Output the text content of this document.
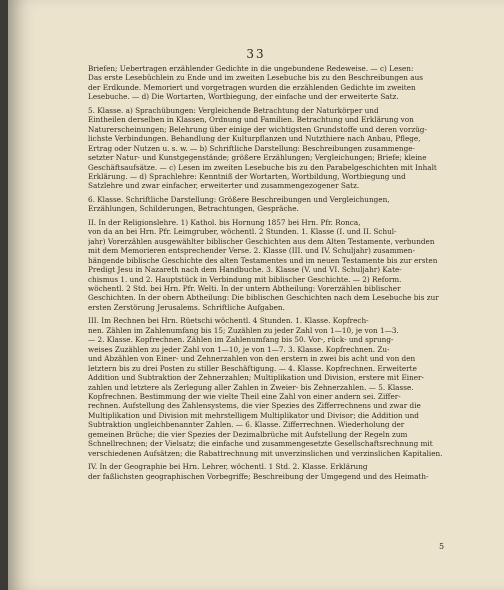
33
Briefen; Uebertragen erzählender Gedichte in die ungebundene Redeweise. — c) Lesen:
Das erste Lesebüchlein zu Ende und im zweiten Lesebuche bis zu den Beschreibungen aus
der Erdkunde. Memoriert und vorgetragen wurden die erzählenden Gedichte im zweiten
Lesebuche. — d) Die Wortarten, Wortbiegung, der einfache und der erweiterte Satz.
5. Klasse. a) Sprachübungen: Vergleichende Betrachtung der Naturkörper und
Eintheilen derselben in Klassen, Ordnung und Familien. Betrachtung und Erklärung von
Naturerscheinungen; Belehrung über einige der wichtigsten Grundstoffe und deren vorzüg-
lichste Verbindungen. Behandlung der Kulturpflanzen und Nutzthiere nach Anbau, Pflege,
Ertrag oder Nutzen u. s. w. — b) Schriftliche Darstellung: Beschreibungen zusammenge-
setzter Natur- und Kunstgegenstände; größere Erzählungen; Vergleichungen; Briefe; kleine
Geschäftsaufsätze. — c) Lesen im zweiten Lesebuche bis zu den Parabelgeschichten mit Inhalt
Erklärung. — d) Sprachlehre: Kenntniß der Wortarten, Wortbildung, Wortbiegung und
Satzlehre und zwar einfacher, erweiterter und zusammengezogener Satz.
6. Klasse. Schriftliche Darstellung: Größere Beschreibungen und Vergleichungen,
Erzählungen, Schilderungen, Betrachtungen, Gespräche.
II. In der Religionslehre. 1) Kathol. bis Hornung 1857 bei Hrn. Pfr. Ronca,
von da an bei Hrn. Pfr. Leimgruber, wöchentl. 2 Stunden. 1. Klasse (I. und II. Schul-
jahr) Vorerzählen ausgewählter biblischer Geschichten aus dem Alten Testamente, verbunden
mit dem Memorieren entsprechender Verse. 2. Klasse (III. und IV. Schuljahr) zusammen-
hängende biblische Geschichte des alten Testamentes und im neuen Testamente bis zur ersten
Predigt Jesu in Nazareth nach dem Handbuche. 3. Klasse (V. und VI. Schuljahr) Kate-
chismus 1. und 2. Hauptstück in Verbindung mit biblischer Geschichte. — 2) Reform.
wöchentl. 2 Std. bei Hrn. Pfr. Welti. In der untern Abtheilung: Vorerzählen biblischer
Geschichten. In der obern Abtheilung: Die biblischen Geschichten nach dem Lesebuche bis zur
ersten Zerstörung Jerusalems. Schriftliche Aufgaben.
III. Im Rechnen bei Hrn. Rüetschi wöchentl. 4 Stunden. 1. Klasse. Kopfrech-
nen. Zählen im Zahlenumfang bis 15; Zuzählen zu jeder Zahl von 1—10, je von 1—3.
— 2. Klasse. Kopfrechnen. Zählen im Zahlenumfang bis 50. Vor-, rück- und sprung-
weises Zuzählen zu jeder Zahl von 1—10, je von 1—7. 3. Klasse. Kopfrechnen. Zu-
und Abzählen von Einer- und Zehnerzahlen von den erstern in zwei bis acht und von den
letztern bis zu drei Posten zu stiller Beschäftigung. — 4. Klasse. Kopfrechnen. Erweiterte
Addition und Subtraktion der Zehnerzahlen; Multiplikation und Division, erstere mit Einer-
zahlen und letztere als Zerlegung aller Zahlen in Zweier- bis Zehnerzahlen. — 5. Klasse.
Kopfrechnen. Bestimmung der wie vielte Theil eine Zahl von einer andern sei. Ziffer-
rechnen. Aufstellung des Zahlensystems, die vier Spezies des Zifferrechnens und zwar die
Multiplikation und Division mit mehrstelligem Multiplikator und Divisor; die Addition und
Subtraktion ungleichbenannter Zahlen. — 6. Klasse. Zifferrechnen. Wiederholung der
gemeinen Brüche; die vier Spezies der Dezimalbrüche mit Aufstellung der Regeln zum
Schnellrechnen; der Vielsatz; die einfache und zusammengesetzte Gesellschaftsrechnung mit
verschiedenen Aufsätzen; die Rabattrechnung mit unverzinslichen und verzinslichen Kapitalien.
IV. In der Geographie bei Hrn. Lehrer, wöchentl. 1 Std. 2. Klasse. Erklärung
der faßlichsten geographischen Vorbegriffe; Beschreibung der Umgegend und des Heimath-
5
